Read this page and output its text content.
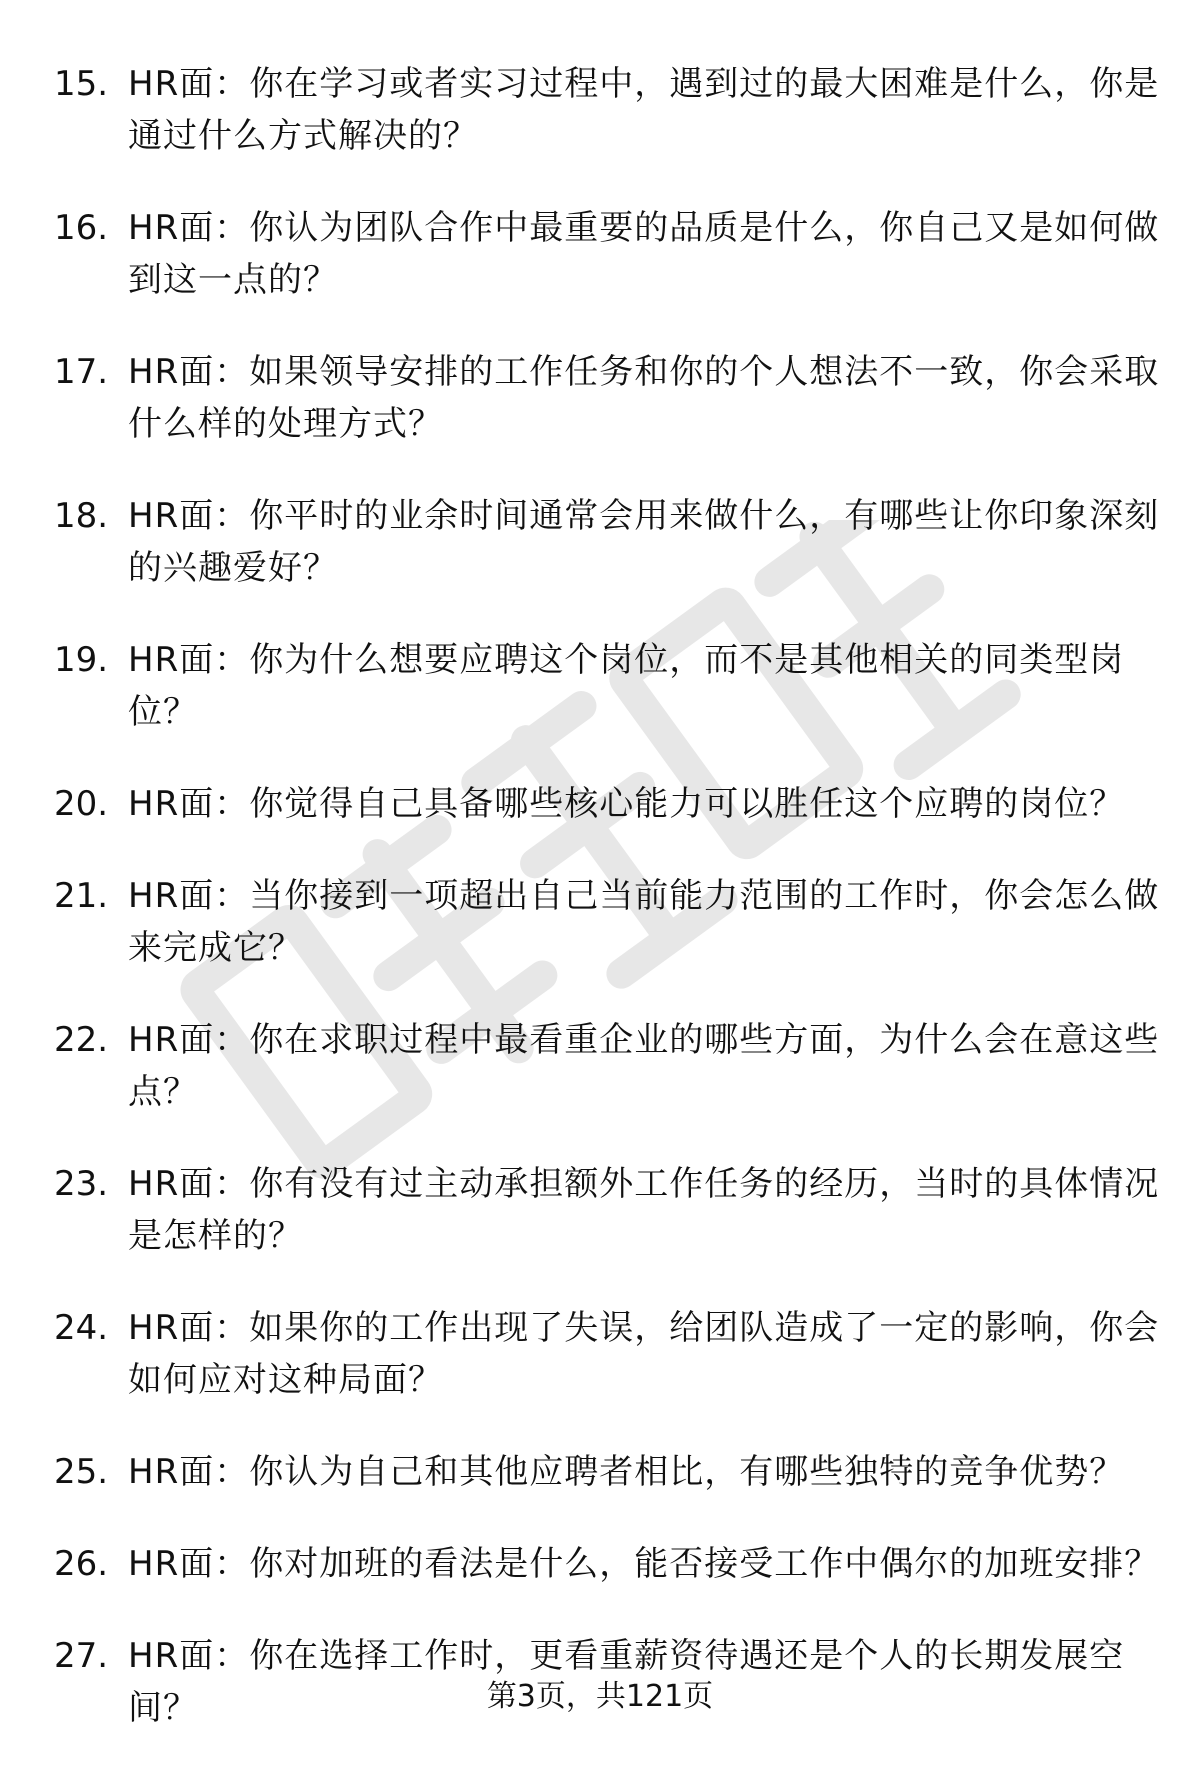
15. HR面：你在学习或者实习过程中，遇到过的最大困难是什么，你是通过什么方式解决的？
16. HR面：你认为团队合作中最重要的品质是什么，你自己又是如何做到这一点的？
17. HR面：如果领导安排的工作任务和你的个人想法不一致，你会采取什么样的处理方式？
18. HR面：你平时的业余时间通常会用来做什么，有哪些让你印象深刻的兴趣爱好？
19. HR面：你为什么想要应聘这个岗位，而不是其他相关的同类型岗位？
20. HR面：你觉得自己具备哪些核心能力可以胜任这个应聘的岗位？
21. HR面：当你接到一项超出自己当前能力范围的工作时，你会怎么做来完成它？
22. HR面：你在求职过程中最看重企业的哪些方面，为什么会在意这些点？
23. HR面：你有没有过主动承担额外工作任务的经历，当时的具体情况是怎样的？
24. HR面：如果你的工作出现了失误，给团队造成了一定的影响，你会如何应对这种局面？
25. HR面：你认为自己和其他应聘者相比，有哪些独特的竞争优势？
26. HR面：你对加班的看法是什么，能否接受工作中偶尔的加班安排？
27. HR面：你在选择工作时，更看重薪资待遇还是个人的长期发展空间？	第3页，共121页
